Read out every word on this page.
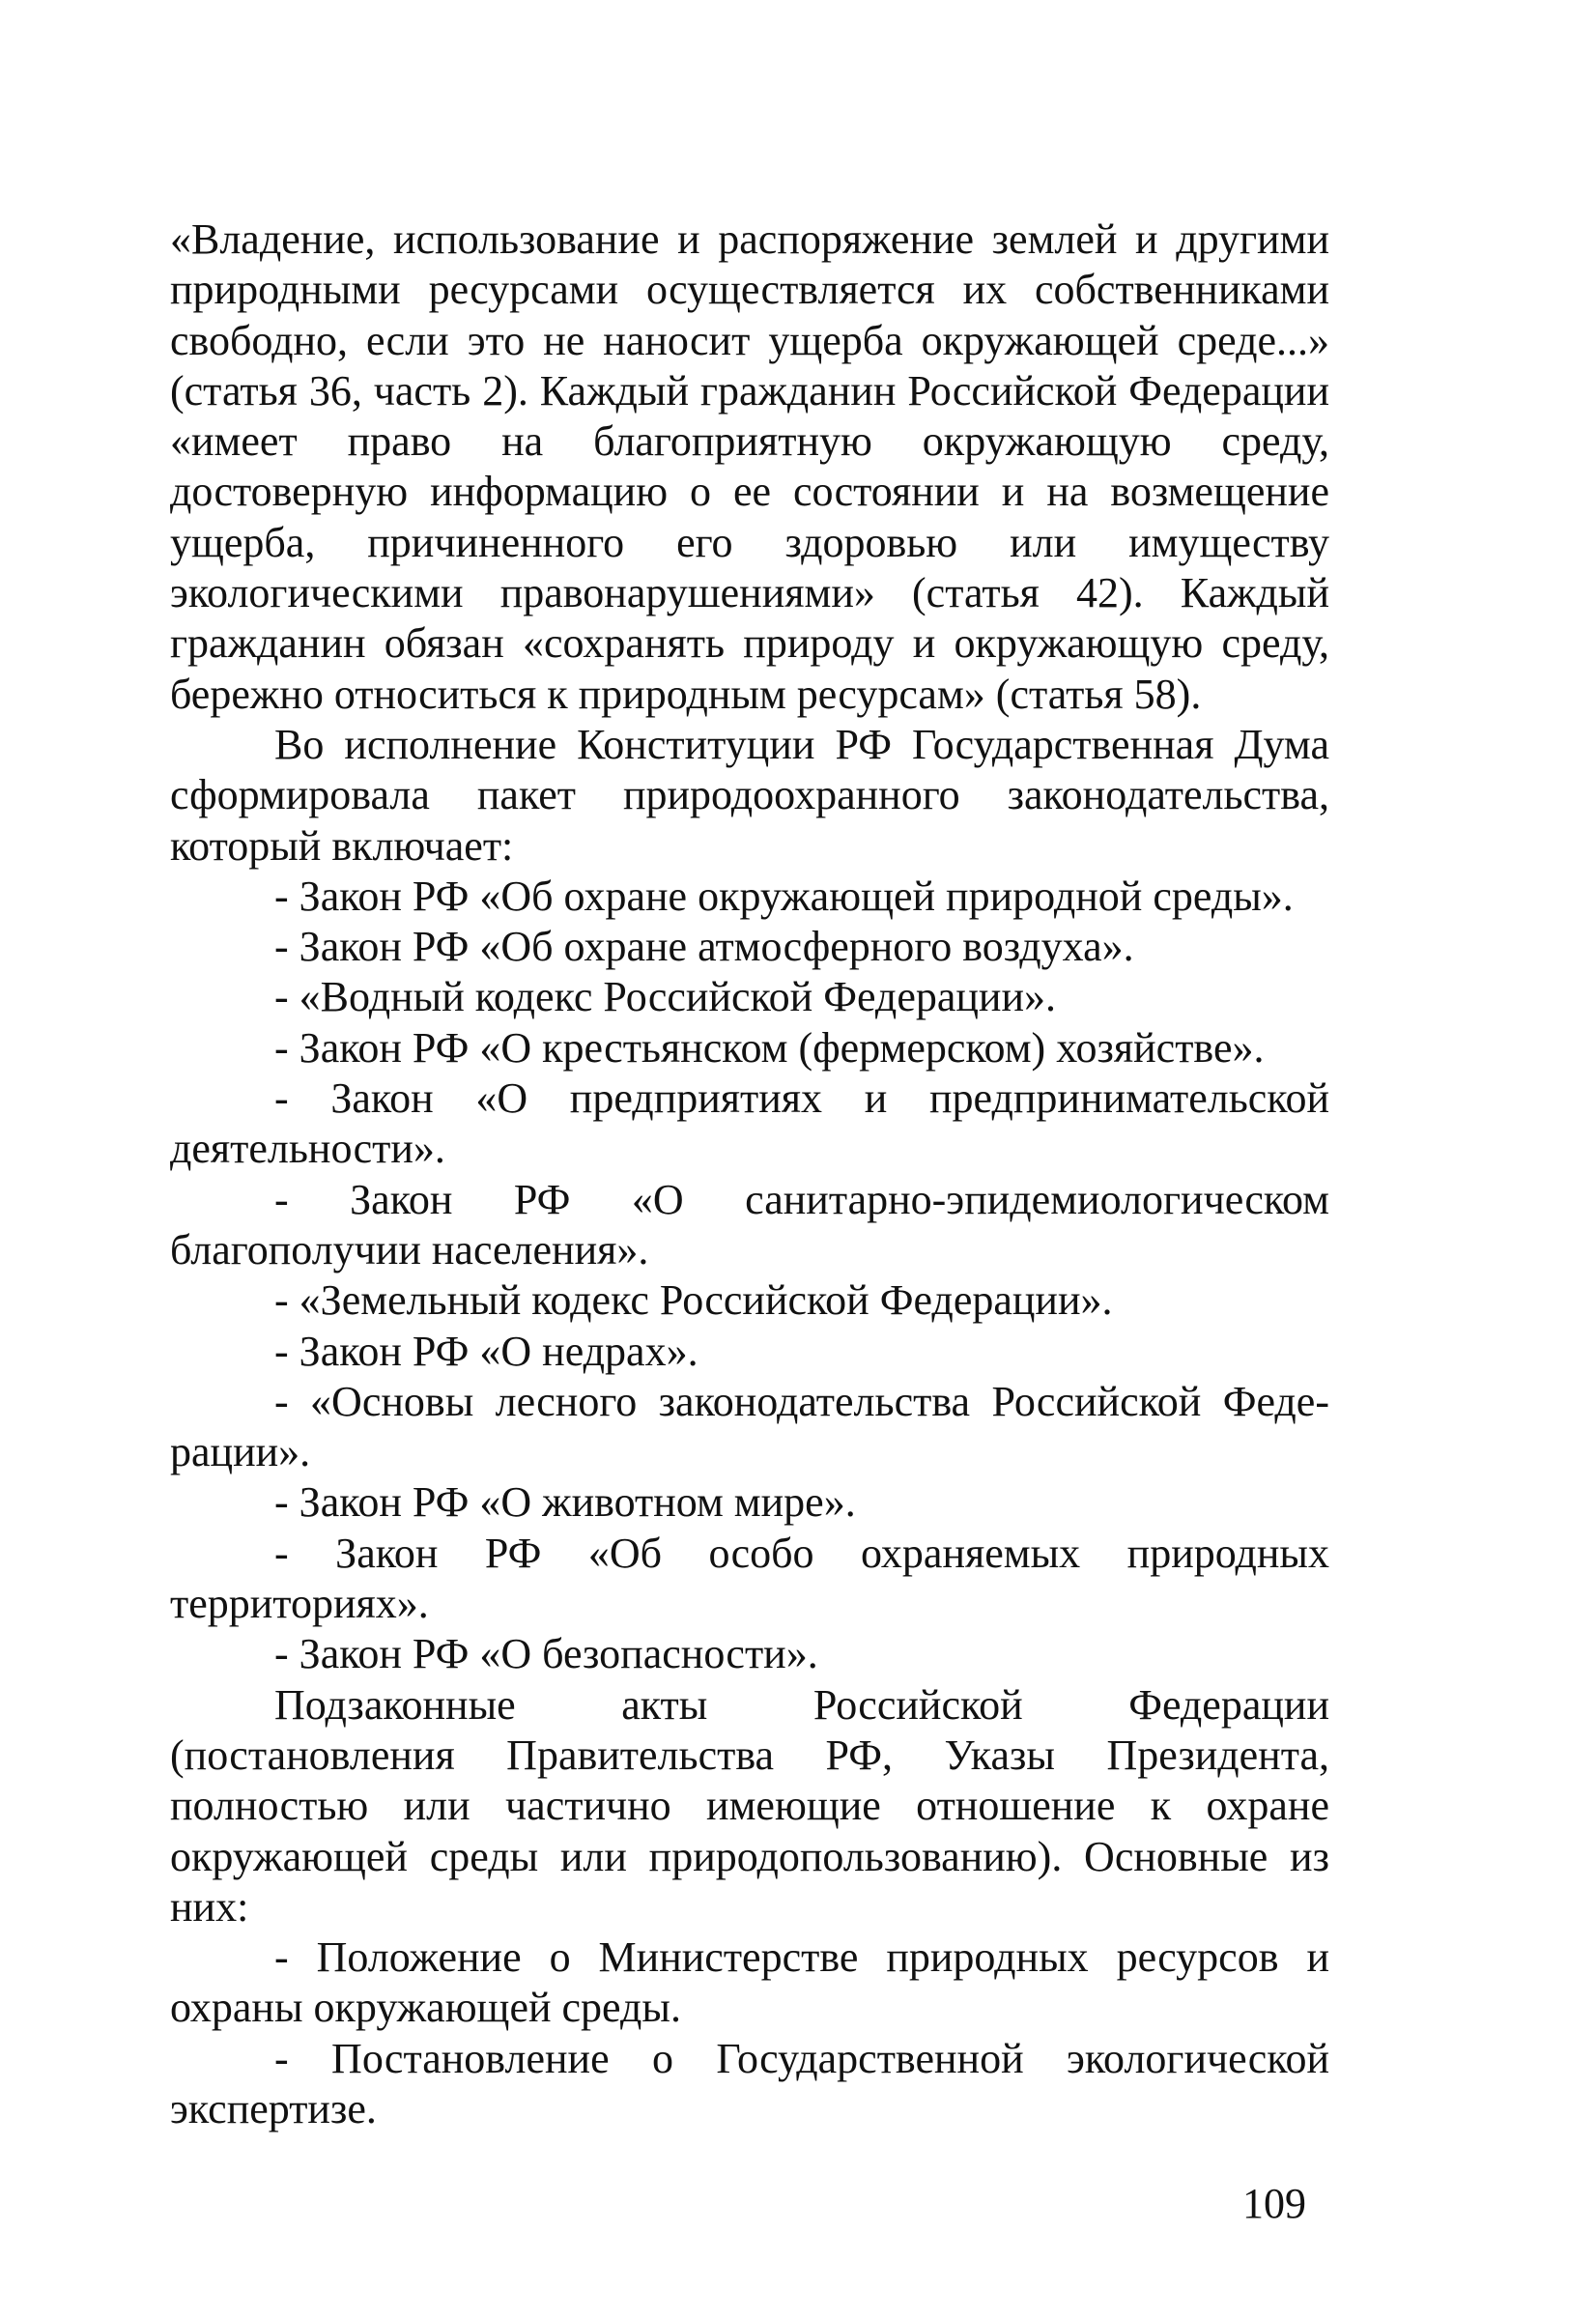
«Владение, использование и распоряжение землей и другими природными ресурсами осуществляется их собственниками свободно, если это не наносит ущерба окружающей среде...» (статья 36, часть 2). Каждый гражданин Российской Федерации «имеет право на благоприятную окружающую среду, достоверную информацию о ее состоянии и на возмещение ущерба, причиненного его здоровью или имуществу экологическими правонарушениями» (статья 42). Каждый гражданин обязан «сохранять природу и окружающую среду, бережно относиться к природным ресурсам» (статья 58).

Во исполнение Конституции РФ Государственная Дума сформировала пакет природоохранного законодательства, который включает:

- Закон РФ «Об охране окружающей природной среды».

- Закон РФ «Об охране атмосферного воздуха».

- «Водный кодекс Российской Федерации».

- Закон РФ «О крестьянском (фермерском) хозяйстве».

- Закон «О предприятиях и предпринимательской деятельности».

- Закон РФ «О санитарно-эпидемиологическом благополучии населения».

- «Земельный кодекс Российской Федерации».

- Закон РФ «О недрах».

- «Основы лесного законодательства Российской Федерации».

- Закон РФ «О животном мире».

- Закон РФ «Об особо охраняемых природных территориях».

- Закон РФ «О безопасности».

Подзаконные акты Российской Федерации (постановления Правительства РФ, Указы Президента, полностью или частично имеющие отношение к охране окружающей среды или природопользованию). Основные из них:

- Положение о Министерстве природных ресурсов и охраны окружающей среды.

- Постановление о Государственной экологической экспертизе.

109
